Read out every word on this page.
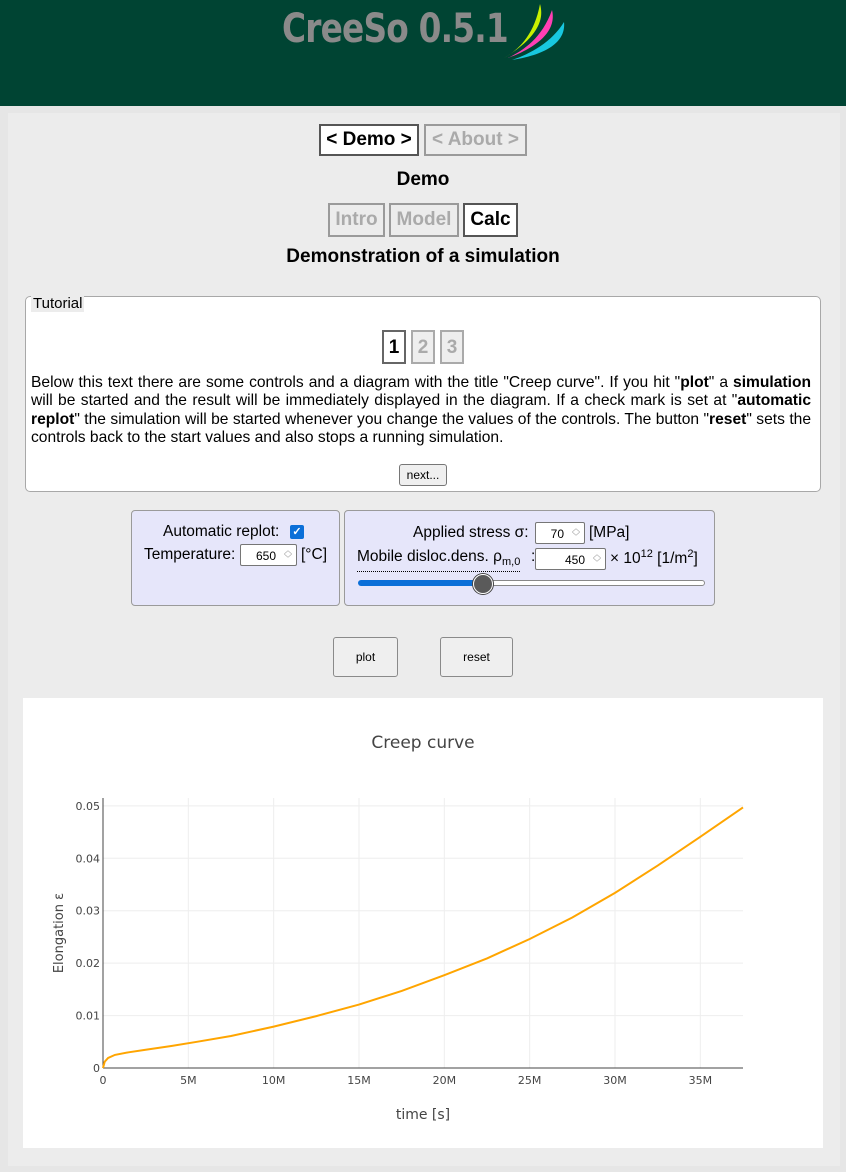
CreeSo 0.5.1
< Demo >	< About >
Demo
Intro Model Calc
Demonstration of a simulation
Tutorial
1 2 3
Below this text there are some controls and a diagram with the title "Creep curve". If you hit "plot" a simulation will be started and the result will be immediately displayed in the diagram. If a check mark is set at "automatic replot" the simulation will be started whenever you change the values of the controls. The button "reset" sets the controls back to the start values and also stops a running simulation.
next...
Automatic replot: ✓
Temperature: 650 ︿
﹀ [°C]
Applied stress σ: 70 ︿
﹀ [MPa]
Mobile disloc.dens. $\rho_{m,0}$ : 450 ︿
﹀ × $10^{12}$ $[1/m^2]$
plot	reset
Creep curve
0	5M	10M	15M	20M	25M	30M	35M
0
0.01
0.02
0.03
0.04
0.05
time [s]
Elongation ε
